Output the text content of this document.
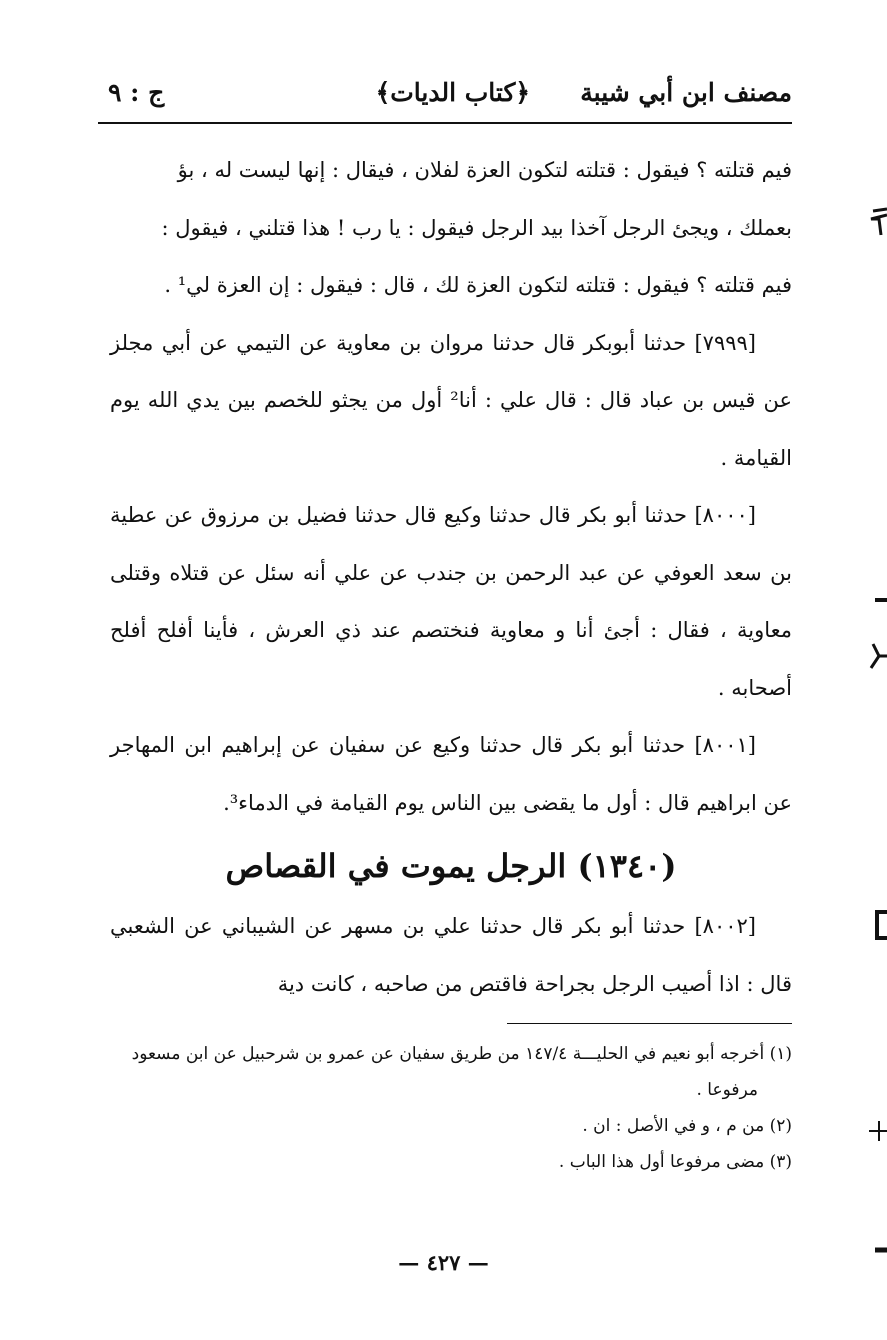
مصنف ابن أبي شيبة
﴿كتاب الديات﴾
ج : ٩

فيم قتلته ؟ فيقول : قتلته لتكون العزة لفلان ، فيقال : إنها ليست له ، بؤ

بعملك ، ويجئ الرجل آخذا بيد الرجل فيقول : يا رب ! هذا قتلني ، فيقول :

فيم قتلته ؟ فيقول : قتلته لتكون العزة لك ، قال : فيقول : إن العزة لي¹ .

[٧٩٩٩] حدثنا أبوبكر قال حدثنا مروان بن معاوية عن التيمي عن أبي مجلز عن قيس بن عباد قال : قال علي : أنا² أول من يجثو للخصم بين يدي الله يوم القيامة .

[٨٠٠٠] حدثنا أبو بكر قال حدثنا وكيع قال حدثنا فضيل بن مرزوق عن عطية بن سعد العوفي عن عبد الرحمن بن جندب عن علي أنه سئل عن قتلاه وقتلى معاوية ، فقال : أجئ أنا و معاوية فنختصم عند ذي العرش ، فأينا أفلح أفلح أصحابه .

[٨٠٠١] حدثنا أبو بكر قال حدثنا وكيع عن سفيان عن إبراهيم ابن المهاجر عن ابراهيم قال : أول ما يقضى بين الناس يوم القيامة في الدماء³.

(١٣٤٠) الرجل يموت في القصاص

[٨٠٠٢] حدثنا أبو بكر قال حدثنا علي بن مسهر عن الشيباني عن الشعبي قال : اذا أصيب الرجل بجراحة فاقتص من صاحبه ، كانت دية

(١) أخرجه أبو نعيم في الحليـــة ١٤٧/٤ من طريق سفيان عن عمرو بن شرحبيل عن ابن مسعود مرفوعا .

(٢) من م ، و في الأصل : ان .

(٣) مضى مرفوعا أول هذا الباب .

— ٤٢٧ —
